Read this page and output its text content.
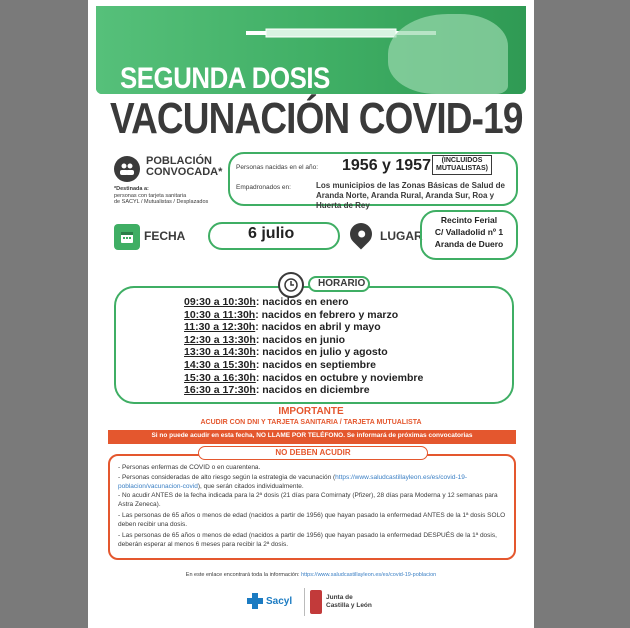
SEGUNDA DOSIS
VACUNACIÓN COVID-19
POBLACIÓN
CONVOCADA*
*Destinada a:
personas con tarjeta sanitaria
de SACYL / Mutualistas / Desplazados
Personas nacidas en el año: 1956 y 1957	(INCLUIDOS
MUTUALISTAS)
Empadronados en:	Los municipios de las Zonas Básicas de Salud de Aranda Norte, Aranda Rural, Aranda Sur, Roa y Huerta de Rey
FECHA	6 julio	LUGAR
Recinto Ferial
C/ Valladolid nº 1
Aranda de Duero
HORARIO
09:30 a 10:30h: nacidos en enero
10:30 a 11:30h: nacidos en febrero y marzo
11:30 a 12:30h: nacidos en abril y mayo
12:30 a 13:30h: nacidos en junio
13:30 a 14:30h: nacidos en julio y agosto
14:30 a 15:30h: nacidos en septiembre
15:30 a 16:30h: nacidos en octubre y noviembre
16:30 a 17:30h: nacidos en diciembre
IMPORTANTE
ACUDIR CON DNI Y TARJETA SANITARIA / TARJETA MUTUALISTA
Si no puede acudir en esta fecha, NO LLAME POR TELÉFONO. Se informará de próximas convocatorias
NO DEBEN ACUDIR
- Personas enfermas de COVID o en cuarentena.
- Personas consideradas de alto riesgo según la estrategia de vacunación (https://www.saludcastillayleon.es/es/covid-19-poblacion/vacunacion-covid), que serán citados individualmente.
- No acudir ANTES de la fecha indicada para la 2ª dosis (21 días para Comirnaty (Pfizer), 28 días para Moderna y 12 semanas para Astra Zeneca).
- Las personas de 65 años o menos de edad (nacidos a partir de 1956) que hayan pasado la enfermedad ANTES de la 1ª dosis SOLO deben recibir una dosis.
- Las personas de 65 años o menos de edad (nacidos a partir de 1956) que hayan pasado la enfermedad DESPUÉS de la 1ª dosis, deberán esperar al menos 6 meses para recibir la 2ª dosis.
En este enlace encontrará toda la información: https://www.saludcastillayleon.es/es/covid-19-poblacion
Sacyl	Junta de
Castilla y León
